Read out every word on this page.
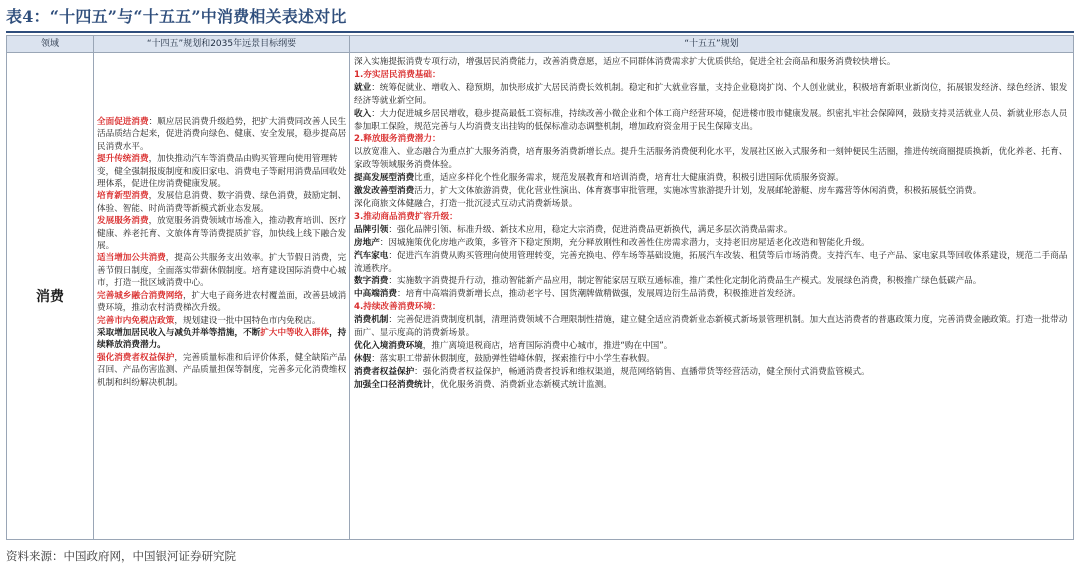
表4：“十四五”与“十五五”中消费相关表述对比
领域	“十四五”规划和2035年远景目标纲要	“十五五”规划
消费

全面促进消费：顺应居民消费升级趋势，把扩大消费同改善人民生活品质结合起来，促进消费向绿色、健康、安全发展，稳步提高居民消费水平。

提升传统消费，加快推动汽车等消费品由购买管理向使用管理转变，健全强制报废制度和废旧家电、消费电子等耐用消费品回收处理体系，促进住房消费健康发展。

培育新型消费，发展信息消费、数字消费、绿色消费，鼓励定制、体验、智能、时尚消费等新模式新业态发展。

发展服务消费，放宽服务消费领域市场准入，推动教育培训、医疗健康、养老托育、文旅体育等消费提质扩容，加快线上线下融合发展。

适当增加公共消费，提高公共服务支出效率。扩大节假日消费，完善节假日制度，全面落实带薪休假制度。培育建设国际消费中心城市，打造一批区域消费中心。

完善城乡融合消费网络，扩大电子商务进农村覆盖面，改善县域消费环境，推动农村消费梯次升级。

完善市内免税店政策，规划建设一批中国特色市内免税店。

采取增加居民收入与减负并举等措施，不断扩大中等收入群体，持续释放消费潜力。

强化消费者权益保护，完善质量标准和后评价体系，健全缺陷产品召回、产品伤害监测、产品质量担保等制度，完善多元化消费维权机制和纠纷解决机制。

深入实施提振消费专项行动，增强居民消费能力，改善消费意愿，适应不同群体消费需求扩大优质供给，促进全社会商品和服务消费较快增长。

1.夯实居民消费基础：

就业：统筹促就业、增收入、稳预期，加快形成扩大居民消费长效机制。稳定和扩大就业容量，支持企业稳岗扩岗、个人创业就业，积极培育新职业新岗位，拓展银发经济、绿色经济、银发经济等就业新空间。

收入：大力促进城乡居民增收，稳步提高最低工资标准，持续改善小微企业和个体工商户经营环境，促进楼市股市健康发展。织密扎牢社会保障网，鼓励支持灵活就业人员、新就业形态人员参加职工保险，规范完善与人均消费支出挂钩的低保标准动态调整机制，增加政府资金用于民生保障支出。

2.释放服务消费潜力：

以放宽准入、业态融合为重点扩大服务消费，培育服务消费新增长点。提升生活服务消费便利化水平，发展社区嵌入式服务和一刻钟便民生活圈，推进传统商圈提质换新，优化养老、托育、家政等领域服务消费体验。

提高发展型消费比重，适应多样化个性化服务需求，规范发展教育和培训消费，培育壮大健康消费，积极引进国际优质服务资源。

激发改善型消费活力，扩大文体旅游消费，优化营业性演出、体育赛事审批管理，实施冰雪旅游提升计划，发展邮轮游艇、房车露营等休闲消费，积极拓展低空消费。

深化商旅文体健融合，打造一批沉浸式互动式消费新场景。

3.推动商品消费扩容升级：

品牌引领：强化品牌引领、标准升级、新技术应用，稳定大宗消费，促进消费品更新换代，满足多层次消费品需求。

房地产：因城施策优化房地产政策，多管齐下稳定预期，充分释放刚性和改善性住房需求潜力，支持老旧房屋适老化改造和智能化升级。

汽车家电：促进汽车消费从购买管理向使用管理转变，完善充换电、停车场等基础设施，拓展汽车改装、租赁等后市场消费。支持汽车、电子产品、家电家具等回收体系建设，规范二手商品流通秩序。

数字消费：实施数字消费提升行动，推动智能新产品应用，制定智能家居互联互通标准，推广柔性化定制化消费品生产模式。发展绿色消费，积极推广绿色低碳产品。

中高端消费：培育中高端消费新增长点，推动老字号、国货潮牌做精做强，发展周边衍生品消费，积极推进首发经济。

4.持续改善消费环境：

消费机制：完善促进消费制度机制，清理消费领域不合理限制性措施，建立健全适应消费新业态新模式新场景管理机制。加大直达消费者的普惠政策力度，完善消费金融政策。打造一批带动面广、显示度高的消费新场景。

优化入境消费环境，推广离境退税商店，培育国际消费中心城市，推进“购在中国”。

休假：落实职工带薪休假制度，鼓励弹性错峰休假，探索推行中小学生春秋假。

消费者权益保护：强化消费者权益保护，畅通消费者投诉和维权渠道，规范网络销售、直播带货等经营活动，健全预付式消费监管模式。

加强全口径消费统计，优化服务消费、消费新业态新模式统计监测。

资料来源：中国政府网，中国银河证券研究院
